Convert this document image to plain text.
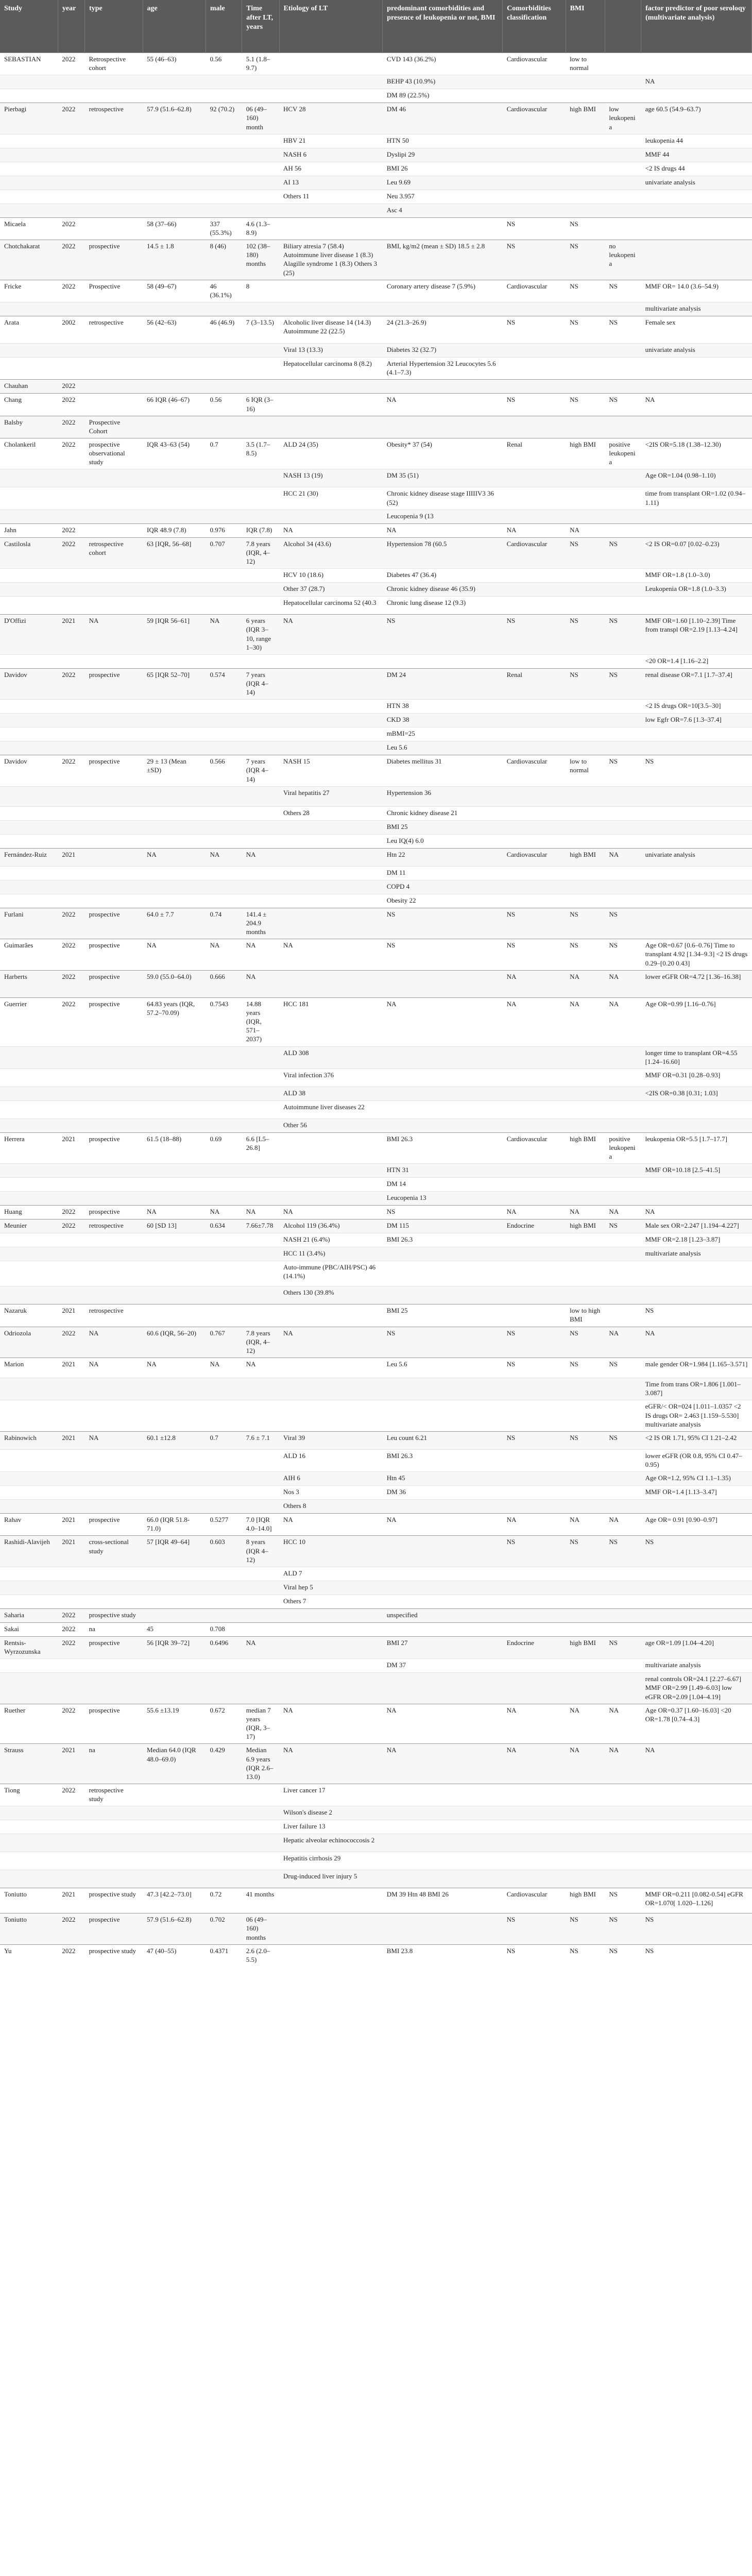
Study	year	type	age	male	Time after LT, years	Etiology of LT	predominant comorbidities and presence of leukopenia or not, BMI	Comorbidities classification	BMI		factor predictor of poor seroloqy (multivariate analysis)
SEBASTIAN	2022	Retrospective cohort	55 (46–63)	0.56	5.1 (1.8–9.7)		CVD 143 (36.2%)	Cardiovascular	low to normal		
							BEHP 43 (10.9%)				NA
							DM 89 (22.5%)				
Pierbagi	2022	retrospective	57.9 (51.6–62.8)	92 (70.2)	06 (49–160) month	HCV 28	DM 46	Cardiovascular	high BMI	low leukopenia	age 60.5 (54.9–63.7)
						HBV 21	HTN 50				leukopenia 44
						NASH 6	Dyslipi 29				MMF 44
						AH 56	BMI 26				<2 IS drugs 44
						AI 13	Leu 9.69				univariate analysis
						Others 11	Neu 3.957				
							Asc 4				
Micaela	2022		58 (37–66)	337 (55.3%)	4.6 (1.3–8.9)			NS	NS		
Chotchakarat	2022	prospective	14.5 ± 1.8	8 (46)	102 (38–180) months	Biliary atresia 7 (58.4) Autoimmune liver disease 1 (8.3) Alagille syndrome 1 (8.3) Others 3 (25)	BMI, kg/m2 (mean ± SD) 18.5 ± 2.8	NS	NS	no leukopenia	
Fricke	2022	Prospective	58 (49–67)	46 (36.1%)	8		Coronary artery disease 7 (5.9%)	Cardiovascular	NS	NS	MMF OR= 14.0 (3.6–54.9)
											multivariate analysis
Arata	2002	retrospective	56 (42–63)	46 (46.9)	7 (3–13.5)	Alcoholic liver disease 14 (14.3) Autoimmune 22 (22.5)	24 (21.3–26.9)	NS	NS	NS	Female sex
						Viral 13 (13.3)	Diabetes 32 (32.7)				univariate analysis
						Hepatocellular carcinoma 8 (8.2)	Arterial Hypertension 32 Leucocytes 5.6 (4.1–7.3)				
Chauhan	2022										
Chang	2022		66 IQR (46–67)	0.56	6 IQR (3–16)		NA	NS	NS	NS	NA
Balsby	2022	Prospective Cohort									
Cholankeril	2022	prospective observational study	IQR 43–63 (54)	0.7	3.5 (1.7–8.5)	ALD 24 (35)	Obesity* 37 (54)	Renal	high BMI	positive leukopenia	<2IS OR=5.18 (1.38–12.30)
						NASH 13 (19)	DM 35 (51)				Age OR=1.04 (0.98–1.10)
						HCC 21 (30)	Chronic kidney disease stage IIIIIV3 36 (52)				time from transplant OR=1.02 (0.94–1.11)
							Leucopenia 9 (13				
Jahn	2022		IQR 48.9 (7.8)	0.976	IQR (7.8)	NA	NA	NA	NA		
Castilosla	2022	retrospective cohort	63 [IQR, 56–68]	0.707	7.8 years (IQR, 4–12)	Alcohol 34 (43.6)	Hypertension 78 (60.5	Cardiovascular	NS	NS	<2 IS OR=0.07 [0.02–0.23)
						HCV 10 (18.6)	Diabetes 47 (36.4)				MMF OR=1.8 (1.0–3.0)
						Other 37 (28.7)	Chronic kidney disease 46 (35.9)				Leukopenia OR=1.8 (1.0–3.3)
						Hepatocellular carcinoma 52 (40.3	Chronic lung disease 12 (9.3)				
D'Offizi	2021	NA	59 [IQR 56–61]	NA	6 years (IQR 3–10, range 1–30)	NA	NS	NS	NS	NS	MMF OR=1.60 [1.10–2.39] Time from transpl OR=2.19 [1.13–4.24]
											<20 OR=1.4 [1.16–2.2]
Davidov	2022	prospective	65 [IQR 52–70]	0.574	7 years (IQR 4–14)		DM 24	Renal	NS	NS	renal disease OR=7.1 [1.7–37.4]
							HTN 38				<2 IS drugs OR=10[3.5–30]
							CKD 38				low Egfr OR=7.6 [1.3–37.4]
							mBMI=25				
							Leu 5.6				
Davidov	2022	prospective	29 ± 13 (Mean ±SD)	0.566	7 years (IQR 4–14)	NASH 15	Diabetes mellitus 31	Cardiovascular	low to normal	NS	NS
						Viral hepatitis 27	Hypertension 36				
						Others 28	Chronic kidney disease 21				
							BMI 25				
							Leu IQ(4) 6.0				
Fernández-Ruiz	2021		NA	NA	NA		Htn 22	Cardiovascular	high BMI	NA	univariate analysis
							DM 11				
							COPD 4				
							Obesity 22				
Furlani	2022	prospective	64.0 ± 7.7	0.74	141.4 ± 204.9 months		NS	NS	NS	NS	
Guimarães	2022	prospective	NA	NA	NA	NA	NS	NS	NS	NS	Age OR=0.67 [0.6–0.76] Time to transplant 4.92 [1.34–9.3] <2 IS drugs 0.29–[0.20 0.43]
Harberts	2022	prospective	59.0 (55.0–64.0)	0.666	NA			NA	NA	NA	lower eGFR OR=4.72 [1.36–16.38]
Guerrier	2022	prospective	64.83 years (IQR, 57.2–70.09)	0.7543	14.88 years (IQR, 571–2037)	HCC 181	NA	NA	NA	NA	Age OR=0.99 [1.16–0.76]
						ALD 308					longer time to transplant OR=4.55 [1.24–16.60]
						Viral infection 376					MMF OR=0.31 [0.28–0.93]
						ALD 38					<2IS OR=0.38 [0.31; 1.03]
						Autoimmune liver diseases 22					
						Other 56					
Herrera	2021	prospective	61.5 (18–88)	0.69	6.6 [L5–26.8]		BMI 26.3	Cardiovascular	high BMI	positive leukopenia	leukopenia OR=5.5 [1.7–17.7]
							HTN 31				MMF OR=10.18 [2.5–41.5]
							DM 14				
							Leucopenia 13				
Huang	2022	prospective	NA	NA	NA	NA	NS	NA	NA	NA	NA
Meunier	2022	retrospective	60 [SD 13]	0.634	7.66±7.78	Alcohol 119 (36.4%)	DM 115	Endocrine	high BMI	NS	Male sex OR=2.247 [1.194–4.227]
						NASH 21 (6.4%)	BMI 26.3				MMF OR=2.18 [1.23–3.87]
						HCC 11 (3.4%)					multivariate analysis
						Auto-immune (PBC/AIH/PSC) 46 (14.1%)					
						Others 130 (39.8%					
Nazaruk	2021	retrospective					BMI 25		low to high BMI		NS
Odriozola	2022	NA	60.6 (IQR, 56–20)	0.767	7.8 years (IQR, 4–12)	NA	NS	NS	NS	NA	NA
Marion	2021	NA	NA	NA	NA		Leu 5.6	NS	NS	NS	male gender OR=1.984 [1.165–3.571]
											Time from trans OR=1.806 [1.001–3.087]
											eGFR/< OR=024 [1.011–1.0357 <2 IS drugs OR= 2.463 [1.159–5.530] multivariate analysis
Rabinowich	2021	NA	60.1 ±12.8	0.7	7.6 ± 7.1	Viral 39	Leu count 6.21	NS	NS	NS	<2 IS OR 1.71, 95% CI 1.21–2.42
						ALD 16	BMI 26.3				lower eGFR (OR 0.8, 95% CI 0.47–0.95)
						AIH 6	Htn 45				Age OR=1.2, 95% CI 1.1–1.35)
						Nos 3	DM 36				MMF OR=1.4 [1.13–3.47]
						Others 8					
Rahav	2021	prospective	66.0 (IQR 51.8-71.0)	0.5277	7.0 [IQR 4.0–14.0]	NA	NA	NA	NA	NA	Age OR= 0.91 [0.90–0.97]
Rashidi-Alavijeh	2021	cross-sectional study	57 [IQR 49–64]	0.603	8 years (IQR 4–12)	HCC 10		NS	NS	NS	NS
						ALD 7					
						Viral hep 5					
						Others 7					
Saharia	2022	prospective study					unspecified				
Sakai	2022	na	45	0.708							
Rentsis-Wyrzozunska	2022	prospective	56 [IQR 39–72]	0.6496	NA		BMI 27	Endocrine	high BMI	NS	age OR=1.09 [1.04–4.20]
							DM 37				multivariate analysis
											renal controls OR=24.1 [2.27–6.67] MMF OR=2.99 [1.49–6.03] low eGFR OR=2.09 [1.04–4.19]
Ruether	2022	prospective	55.6 ±13.19	0.672	median 7 years (IQR, 3–17)	NA	NA	NA	NA	NA	Age OR=0.37 [1.60–16.03] <20 OR=1.78 [0.74–4.3]
Strauss	2021	na	Median 64.0 (IQR 48.0–69.0)	0.429	Median 6.9 years (IQR 2.6–13.0)	NA	NA	NA	NA	NA	NA
Tiong	2022	retrospective study				Liver cancer 17					
						Wilson's disease 2					
						Liver failure 13					
						Hepatic alveolar echinococcosis 2					
						Hepatitis cirrhosis 29					
						Drug-induced liver injury 5					
Toniutto	2021	prospective study	47.3 [42.2–73.0]	0.72	41 months		DM 39 Htn 48 BMI 26	Cardiovascular	high BMI	NS	MMF OR=0.211 [0.082-0.54] eGFR OR=1.070[ 1.020–1.126]
Toniutto	2022	prospective	57.9 (51.6–62.8)	0.702	06 (49–160) months			NS	NS	NS	NS
Yu	2022	prospective study	47 (40–55)	0.4371	2.6 (2.0–5.5)		BMI 23.8	NS	NS	NS	NS
